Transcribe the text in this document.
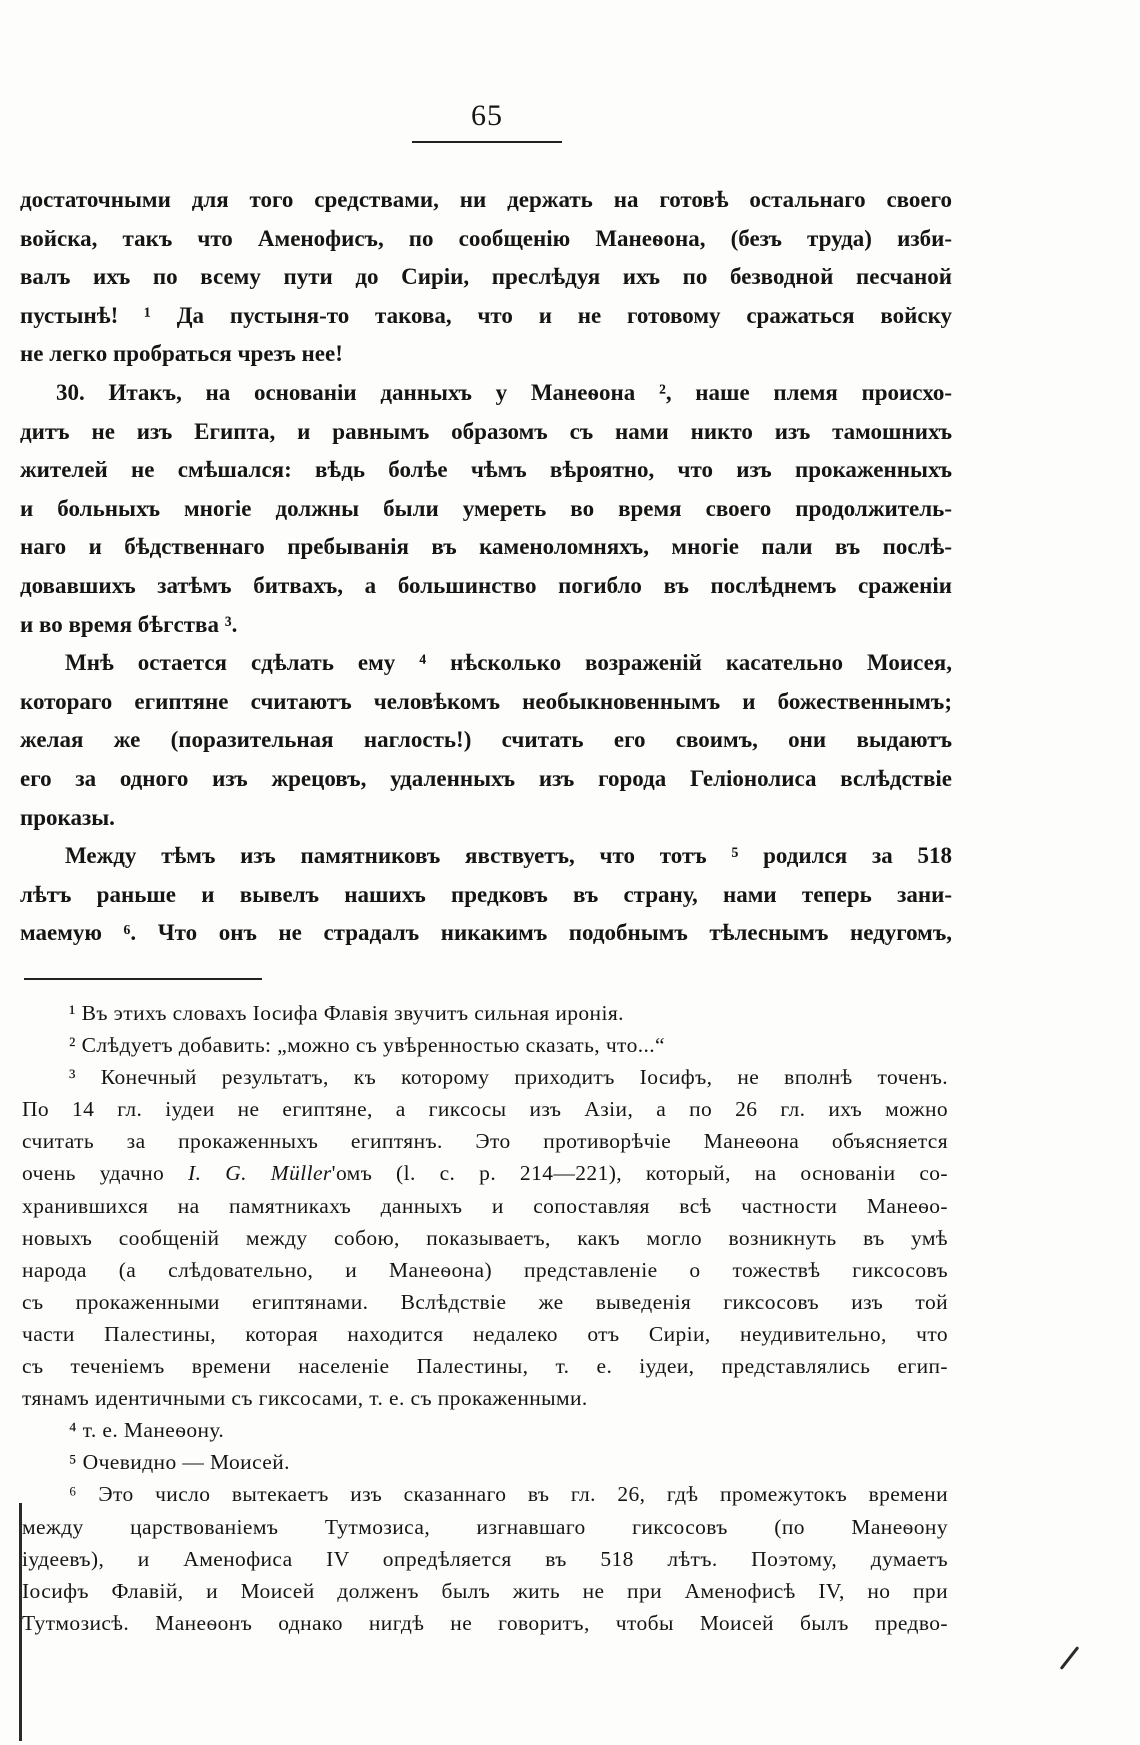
65
достаточными для того средствами, ни держать на готовѣ остальнаго своего
войска, такъ что Аменофисъ, по сообщенію Манеѳона, (безъ труда) изби-
валъ ихъ по всему пути до Сиріи, преслѣдуя ихъ по безводной песчаной
пустынѣ! ¹ Да пустыня-то такова, что и не готовому сражаться войску
не легко пробраться чрезъ нее!
30. Итакъ, на основаніи данныхъ у Манеѳона ², наше племя происхо-
дитъ не изъ Египта, и равнымъ образомъ съ нами никто изъ тамошнихъ
жителей не смѣшался: вѣдь болѣе чѣмъ вѣроятно, что изъ прокаженныхъ
и больныхъ многіе должны были умереть во время своего продолжитель-
наго и бѣдственнаго пребыванія въ каменоломняхъ, многіе пали въ послѣ-
довавшихъ затѣмъ битвахъ, а большинство погибло въ послѣднемъ сраженіи
и во время бѣгства ³.
Мнѣ остается сдѣлать ему ⁴ нѣсколько возраженій касательно Моисея,
котораго египтяне считаютъ человѣкомъ необыкновеннымъ и божественнымъ;
желая же (поразительная наглость!) считать его своимъ, они выдаютъ
его за одного изъ жрецовъ, удаленныхъ изъ города Геліонолиса вслѣдствіе
проказы.
Между тѣмъ изъ памятниковъ явствуетъ, что тотъ ⁵ родился за 518
лѣтъ раньше и вывелъ нашихъ предковъ въ страну, нами теперь зани-
маемую ⁶. Что онъ не страдалъ никакимъ подобнымъ тѣлеснымъ недугомъ,
¹ Въ этихъ словахъ Іосифа Флавія звучитъ сильная иронія.
² Слѣдуетъ добавить: „можно съ увѣренностью сказать, что...“
³ Конечный результатъ, къ которому приходитъ Іосифъ, не вполнѣ точенъ.
По 14 гл. іудеи не египтяне, а гиксосы изъ Азіи, а по 26 гл. ихъ можно
считать за прокаженныхъ египтянъ. Это противорѣчіе Манеѳона объясняется
очень удачно I. G. Müller'омъ (l. c. p. 214—221), который, на основаніи со-
хранившихся на памятникахъ данныхъ и сопоставляя всѣ частности Манеѳо-
новыхъ сообщеній между собою, показываетъ, какъ могло возникнуть въ умѣ
народа (а слѣдовательно, и Манеѳона) представленіе о тожествѣ гиксосовъ
съ прокаженными египтянами. Вслѣдствіе же выведенія гиксосовъ изъ той
части Палестины, которая находится недалеко отъ Сиріи, неудивительно, что
съ теченіемъ времени населеніе Палестины, т. е. іудеи, представлялись егип-
тянамъ идентичными съ гиксосами, т. е. съ прокаженными.
⁴ т. е. Манеѳону.
⁵ Очевидно — Моисей.
⁶ Это число вытекаетъ изъ сказаннаго въ гл. 26, гдѣ промежутокъ времени
между царствованіемъ Тутмозиса, изгнавшаго гиксосовъ (по Манеѳону
іудеевъ), и Аменофиса IV опредѣляется въ 518 лѣтъ. Поэтому, думаетъ
Іосифъ Флавій, и Моисей долженъ былъ жить не при Аменофисѣ IV, но при
Тутмозисѣ. Манеѳонъ однако нигдѣ не говоритъ, чтобы Моисей былъ предво-
